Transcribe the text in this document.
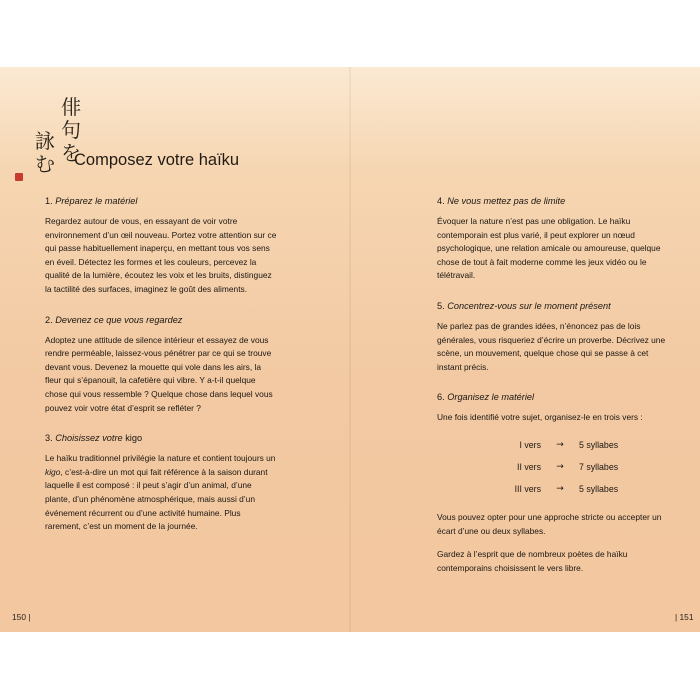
俳
句
を
詠
む Composez votre haïku
1. Préparez le matériel

Regardez autour de vous, en essayant de voir votre environnement d’un œil nouveau. Portez votre attention sur ce qui passe habituellement inaperçu, en mettant tous vos sens en éveil. Détectez les formes et les couleurs, percevez la qualité de la lumière, écoutez les voix et les bruits, distinguez la tactilité des surfaces, imaginez le goût des aliments.

2. Devenez ce que vous regardez

Adoptez une attitude de silence intérieur et essayez de vous rendre perméable, laissez-vous pénétrer par ce qui se trouve devant vous. Devenez la mouette qui vole dans les airs, la fleur qui s’épanouit, la cafetière qui vibre. Y a-t-il quelque chose qui vous ressemble ? Quelque chose dans lequel vous pouvez voir votre état d’esprit se refléter ?

3. Choisissez votre kigo

Le haïku traditionnel privilégie la nature et contient toujours un kigo, c’est-à-dire un mot qui fait référence à la saison durant laquelle il est composé : il peut s’agir d’un animal, d’une plante, d’un phénomène atmosphérique, mais aussi d’un événement récurrent ou d’une activité humaine. Plus rarement, c’est un moment de la journée.

4. Ne vous mettez pas de limite

Évoquer la nature n’est pas une obligation. Le haïku contemporain est plus varié, il peut explorer un nœud psychologique, une relation amicale ou amoureuse, quelque chose de tout à fait moderne comme les jeux vidéo ou le télétravail.

5. Concentrez-vous sur le moment présent

Ne parlez pas de grandes idées, n’énoncez pas de lois générales, vous risqueriez d’écrire un proverbe. Décrivez une scène, un mouvement, quelque chose qui se passe à cet instant précis.

6. Organisez le matériel

Une fois identifié votre sujet, organisez-le en trois vers :

I vers	→	5 syllabes
II vers	→	7 syllabes
III vers	→	5 syllabes

Vous pouvez opter pour une approche stricte ou accepter un écart d’une ou deux syllabes.

Gardez à l’esprit que de nombreux poètes de haïku contemporains choisissent le vers libre.

150 |	| 151
